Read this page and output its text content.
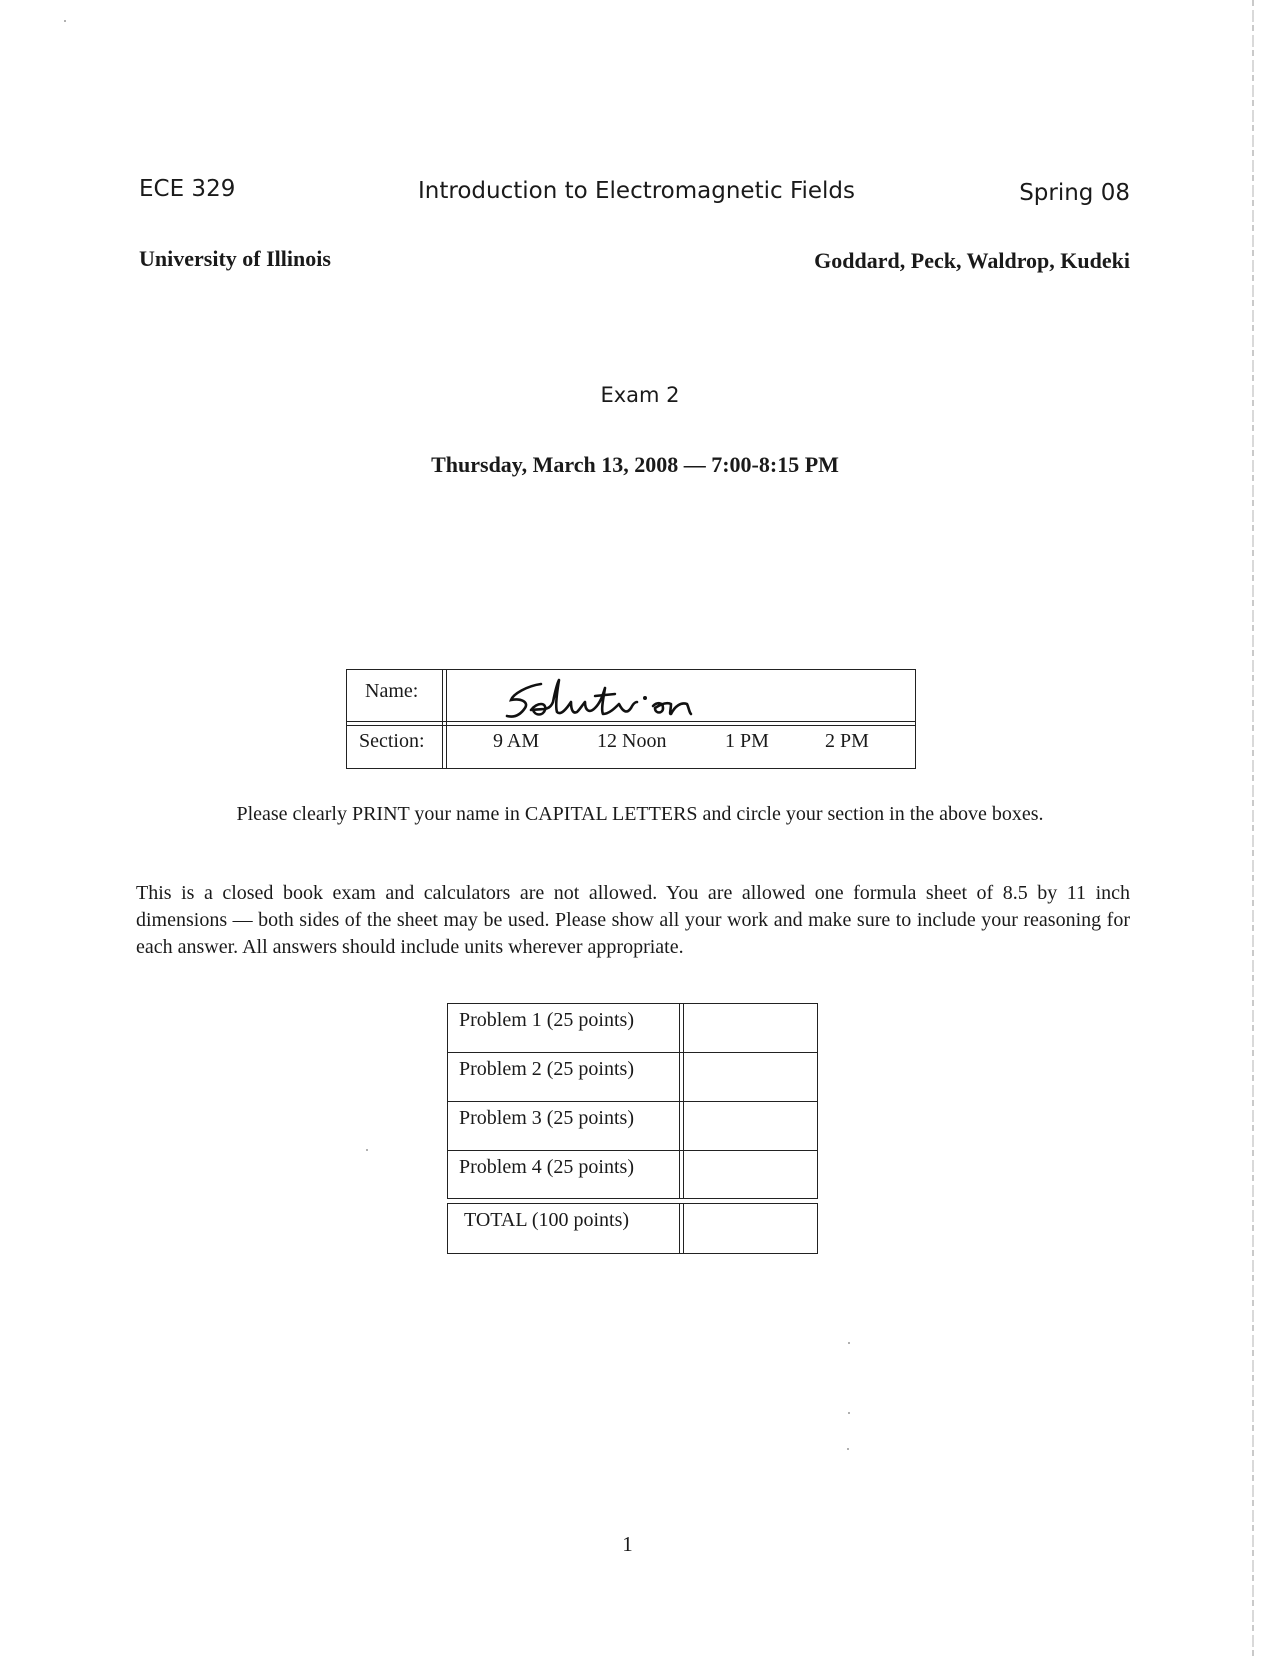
ECE 329	Introduction to Electromagnetic Fields	Spring 08
University of Illinois	Goddard, Peck, Waldrop, Kudeki
Exam 2
Thursday, March 13, 2008 — 7:00-8:15 PM
Name:
Section:	9 AM	12 Noon	1 PM	2 PM
Please clearly PRINT your name in CAPITAL LETTERS and circle your section in the above boxes.
This is a closed book exam and calculators are not allowed. You are allowed one formula sheet of 8.5 by 11 inch dimensions — both sides of the sheet may be used. Please show all your work and make sure to include your reasoning for each answer. All answers should include units wherever appropriate.
Problem 1 (25 points)
Problem 2 (25 points)
Problem 3 (25 points)
Problem 4 (25 points)
TOTAL (100 points)
1
